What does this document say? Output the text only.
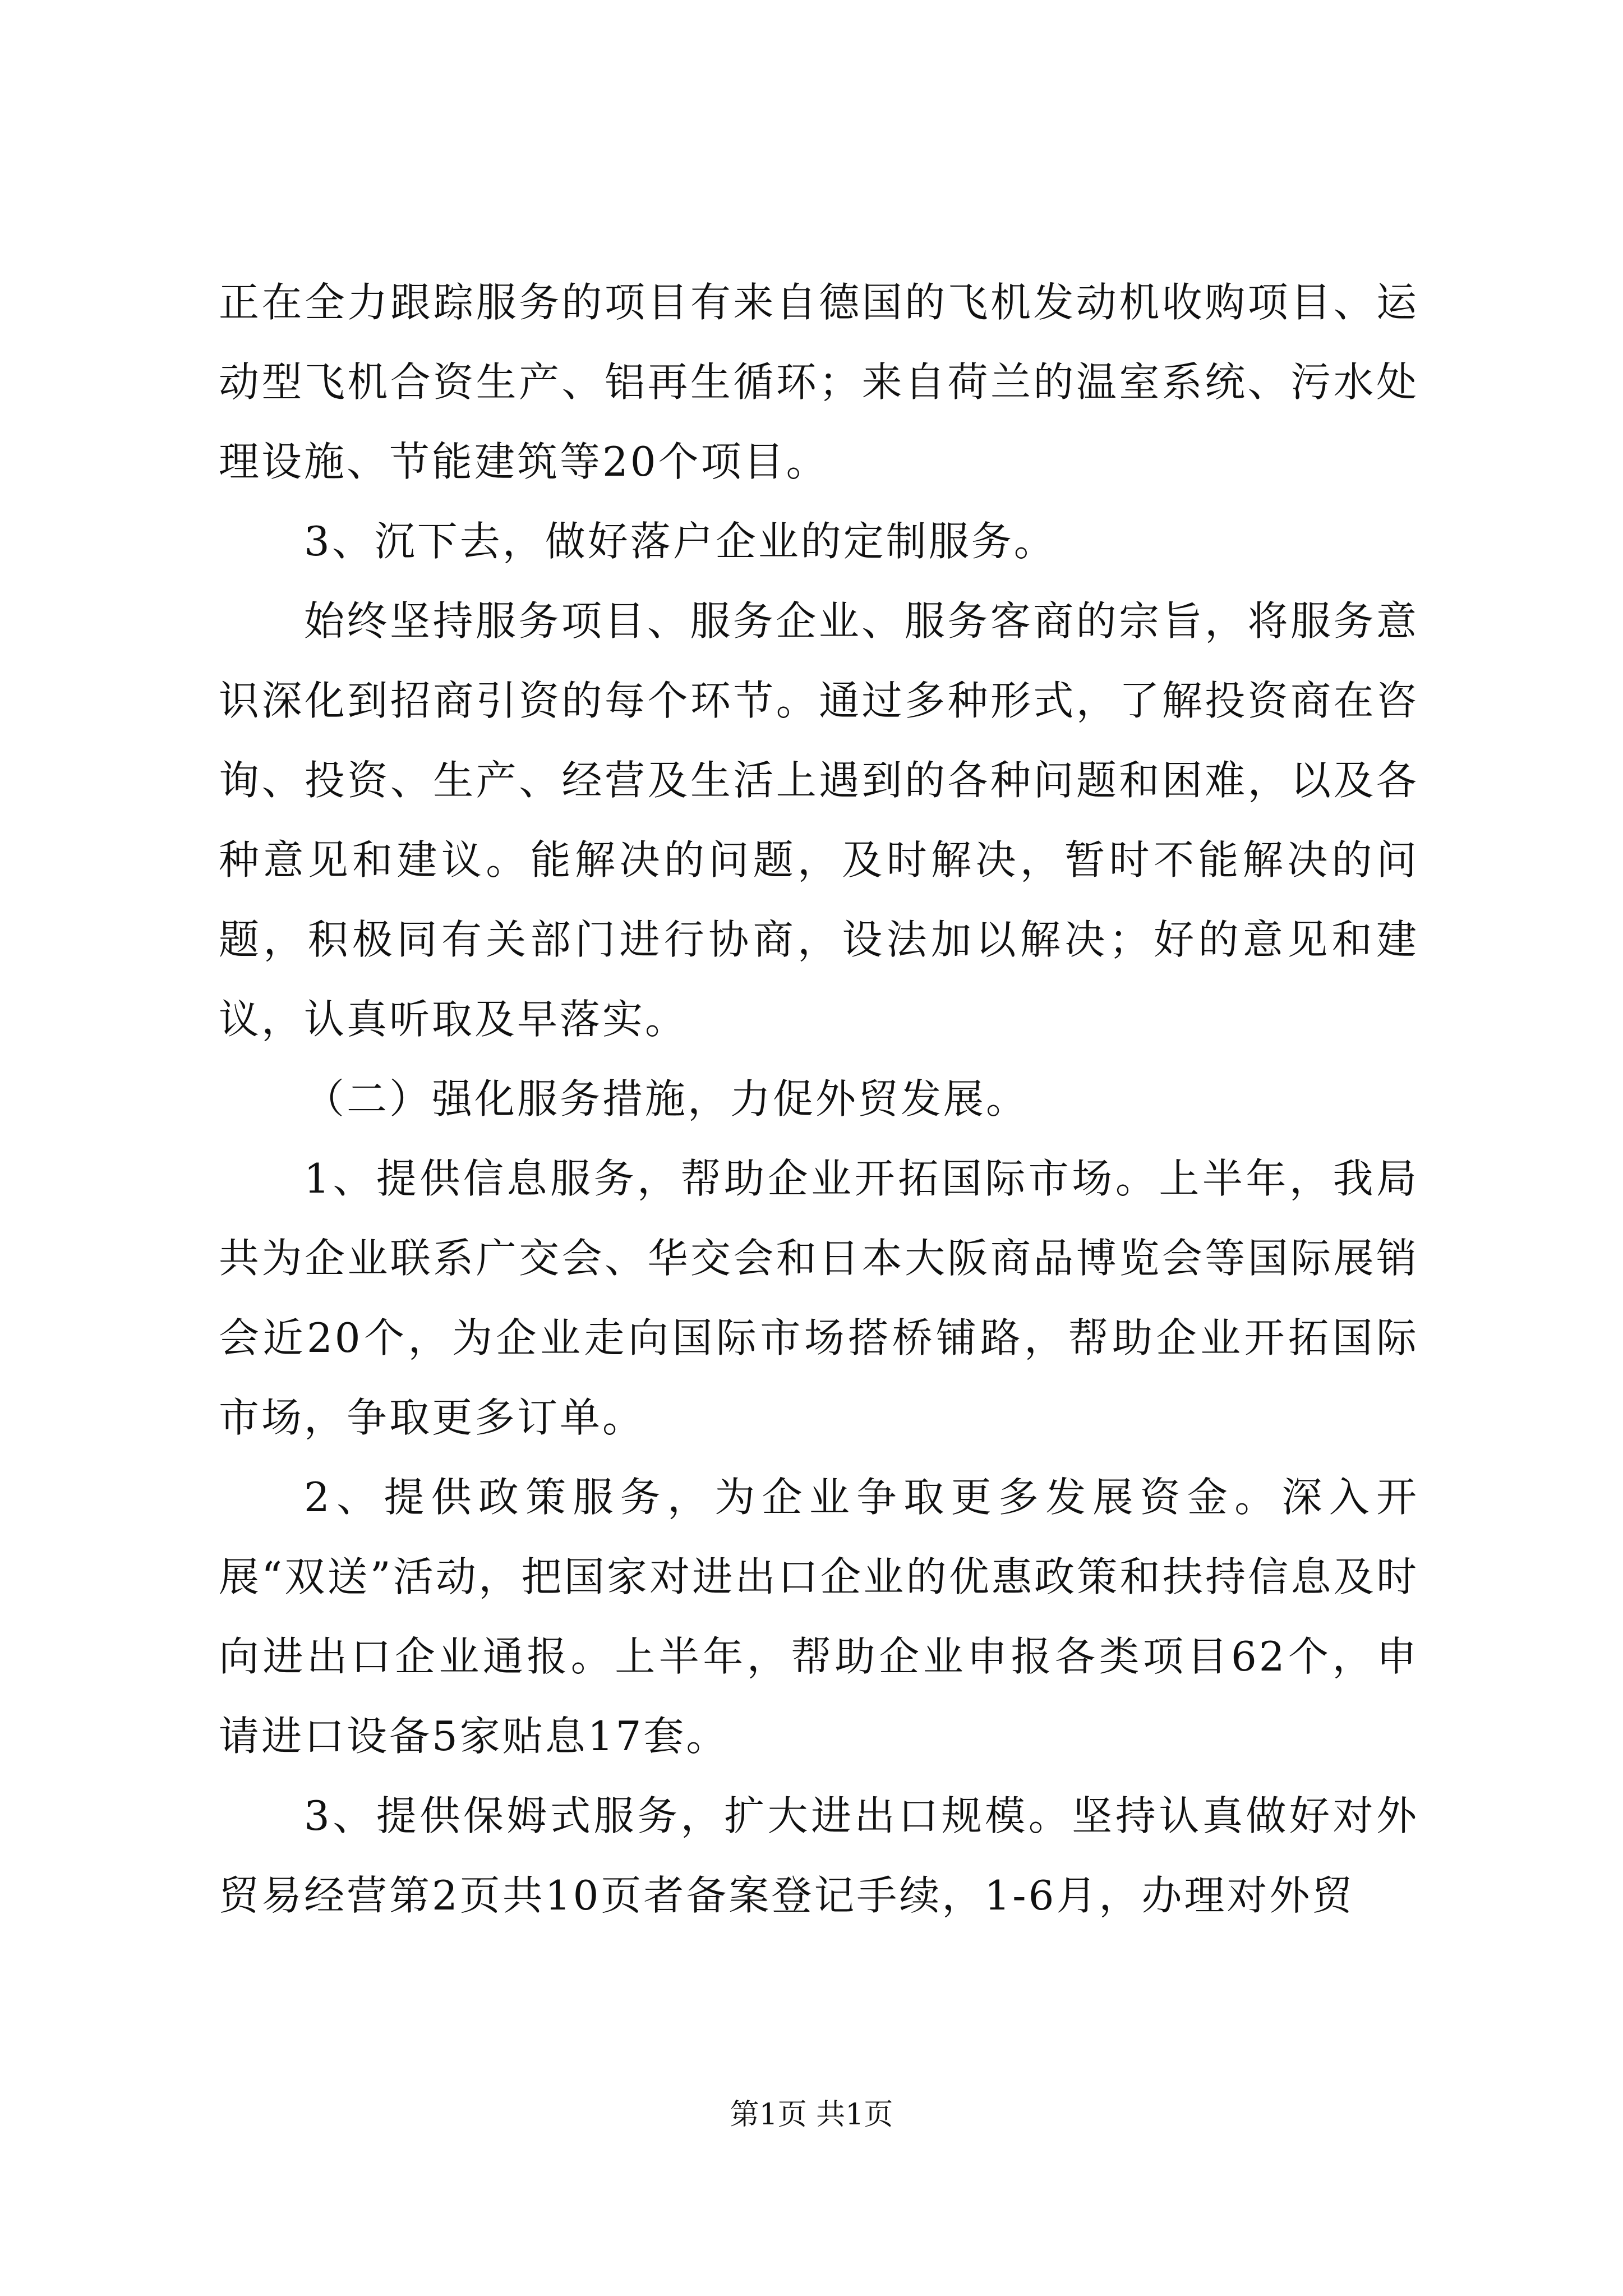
正在全力跟踪服务的项目有来自德国的飞机发动机收购项目、运动型飞机合资生产、铝再生循环；来自荷兰的温室系统、污水处理设施、节能建筑等20个项目。

3、沉下去，做好落户企业的定制服务。

始终坚持服务项目、服务企业、服务客商的宗旨，将服务意识深化到招商引资的每个环节。通过多种形式，了解投资商在咨询、投资、生产、经营及生活上遇到的各种问题和困难，以及各种意见和建议。能解决的问题，及时解决，暂时不能解决的问题，积极同有关部门进行协商，设法加以解决；好的意见和建议，认真听取及早落实。

（二）强化服务措施，力促外贸发展。

1、提供信息服务，帮助企业开拓国际市场。上半年，我局共为企业联系广交会、华交会和日本大阪商品博览会等国际展销会近20个，为企业走向国际市场搭桥铺路，帮助企业开拓国际市场，争取更多订单。

2、提供政策服务，为企业争取更多发展资金。深入开展“双送”活动，把国家对进出口企业的优惠政策和扶持信息及时向进出口企业通报。上半年，帮助企业申报各类项目62个，申请进口设备5家贴息17套。

3、提供保姆式服务，扩大进出口规模。坚持认真做好对外贸易经营第2页共10页者备案登记手续，1-6月，办理对外贸

第1页 共1页
